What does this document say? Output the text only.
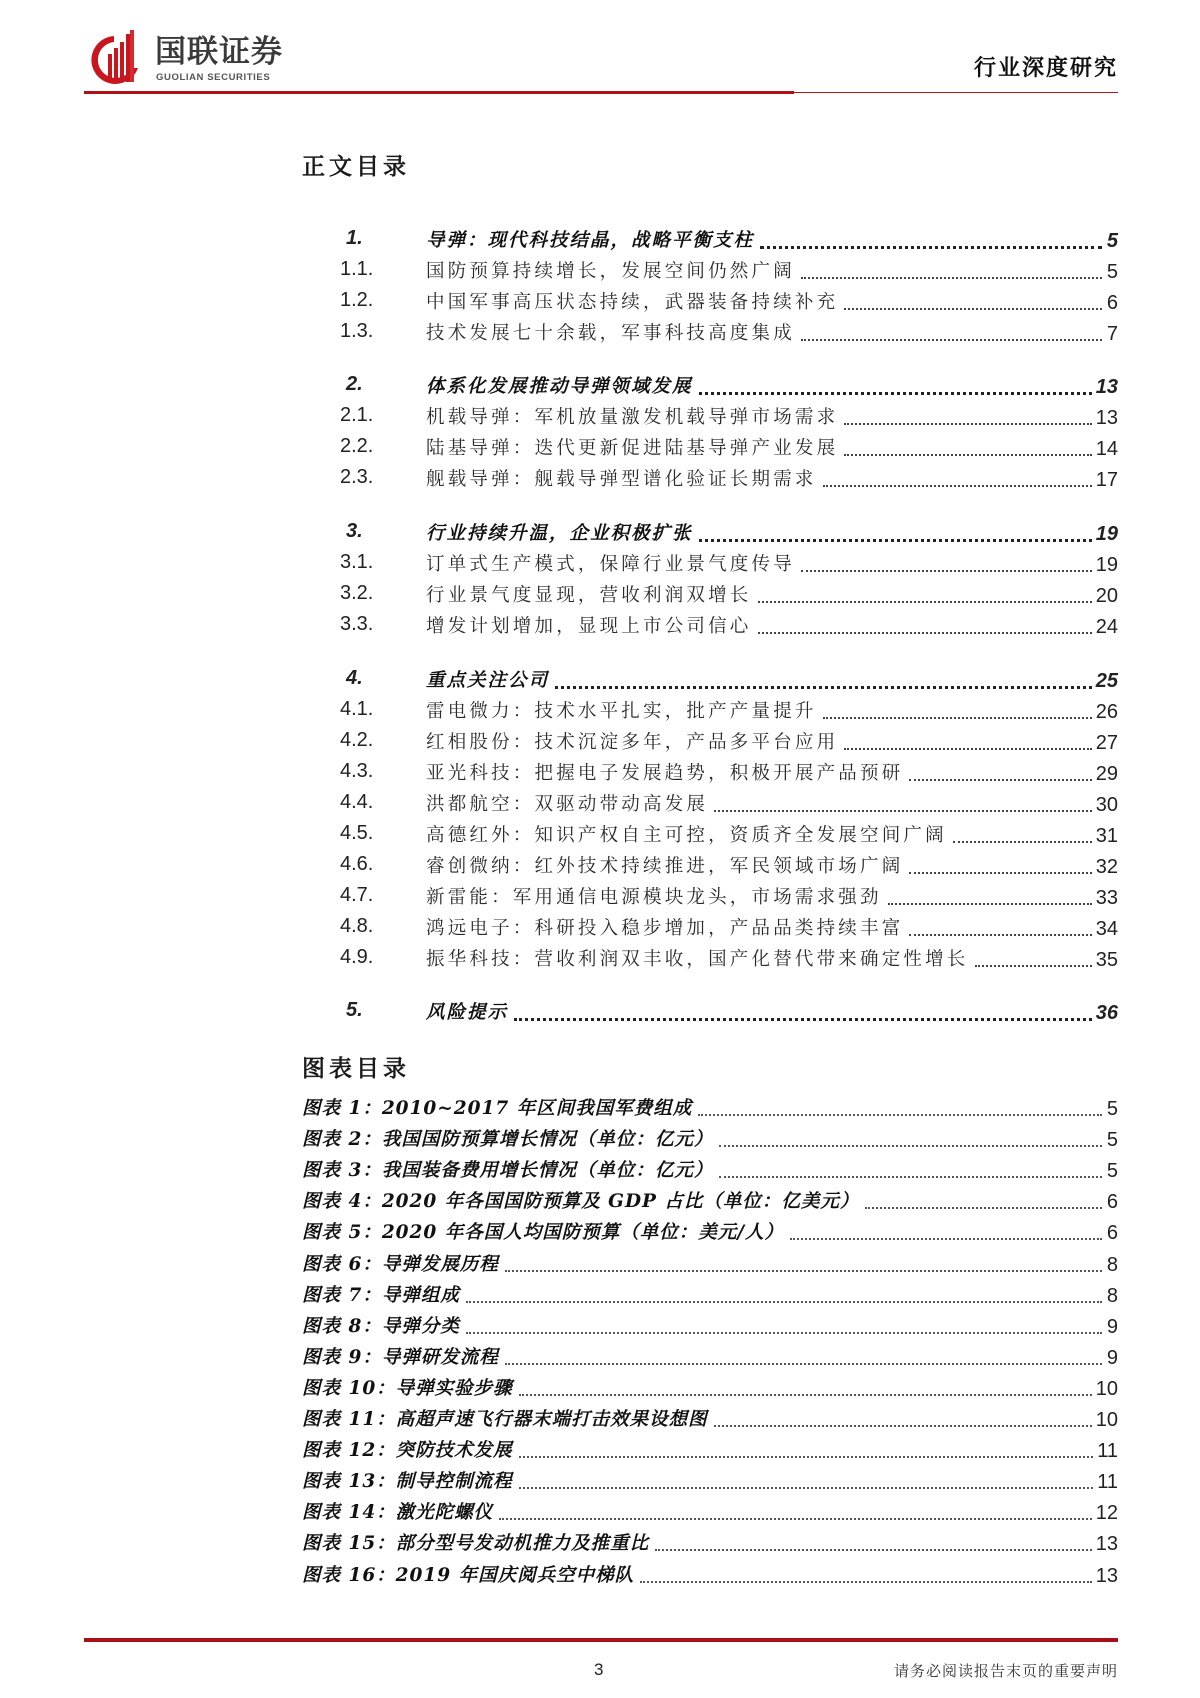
国联证券
GUOLIAN SECURITIES	行业深度研究
正文目录
1.	导弹：现代科技结晶，战略平衡支柱	5
1.1.	国防预算持续增长，发展空间仍然广阔	5
1.2.	中国军事高压状态持续，武器装备持续补充	6
1.3.	技术发展七十余载，军事科技高度集成	7
2.	体系化发展推动导弹领域发展	13
2.1.	机载导弹：军机放量激发机载导弹市场需求	13
2.2.	陆基导弹：迭代更新促进陆基导弹产业发展	14
2.3.	舰载导弹：舰载导弹型谱化验证长期需求	17
3.	行业持续升温，企业积极扩张	19
3.1.	订单式生产模式，保障行业景气度传导	19
3.2.	行业景气度显现，营收利润双增长	20
3.3.	增发计划增加，显现上市公司信心	24
4.	重点关注公司	25
4.1.	雷电微力：技术水平扎实，批产产量提升	26
4.2.	红相股份：技术沉淀多年，产品多平台应用	27
4.3.	亚光科技：把握电子发展趋势，积极开展产品预研	29
4.4.	洪都航空：双驱动带动高发展	30
4.5.	高德红外：知识产权自主可控，资质齐全发展空间广阔	31
4.6.	睿创微纳：红外技术持续推进，军民领域市场广阔	32
4.7.	新雷能：军用通信电源模块龙头，市场需求强劲	33
4.8.	鸿远电子：科研投入稳步增加，产品品类持续丰富	34
4.9.	振华科技：营收利润双丰收，国产化替代带来确定性增长	35
5.	风险提示	36
图表目录
图表 1：2010~2017 年区间我国军费组成	5
图表 2：我国国防预算增长情况（单位：亿元）	5
图表 3：我国装备费用增长情况（单位：亿元）	5
图表 4：2020 年各国国防预算及 GDP 占比（单位：亿美元）	6
图表 5：2020 年各国人均国防预算（单位：美元/人）	6
图表 6：导弹发展历程	8
图表 7：导弹组成	8
图表 8：导弹分类	9
图表 9：导弹研发流程	9
图表 10：导弹实验步骤	10
图表 11：高超声速飞行器末端打击效果设想图	10
图表 12：突防技术发展	11
图表 13：制导控制流程	11
图表 14：激光陀螺仪	12
图表 15：部分型号发动机推力及推重比	13
图表 16：2019 年国庆阅兵空中梯队	13
3	请务必阅读报告末页的重要声明
